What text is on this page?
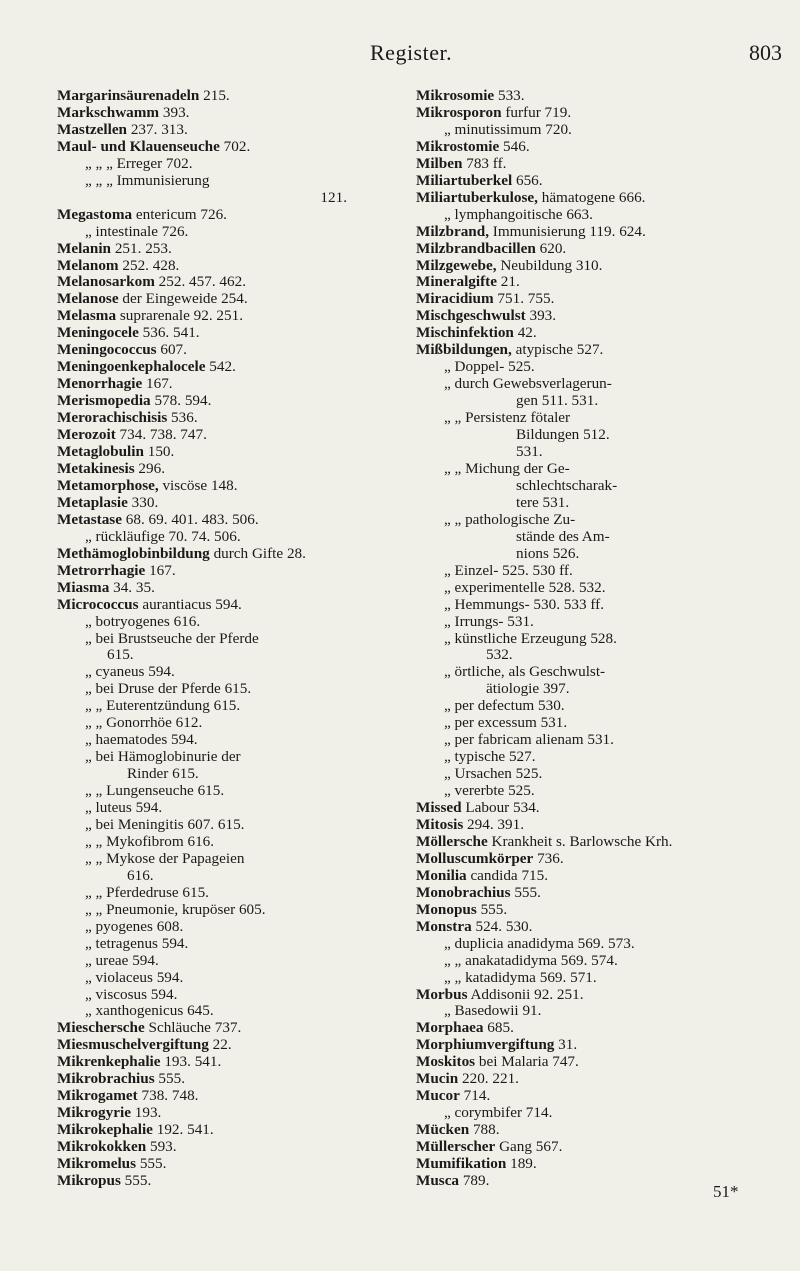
Register.	803
Margarinsäurenadeln 215.
Markschwamm 393.
Mastzellen 237. 313.
Maul- und Klauenseuche 702.
„ „ „ Erreger 702.
„ „ „ Immunisierung
121.
Megastoma entericum 726.
„ intestinale 726.
Melanin 251. 253.
Melanom 252. 428.
Melanosarkom 252. 457. 462.
Melanose der Eingeweide 254.
Melasma suprarenale 92. 251.
Meningocele 536. 541.
Meningococcus 607.
Meningoenkephalocele 542.
Menorrhagie 167.
Merismopedia 578. 594.
Merorachischisis 536.
Merozoit 734. 738. 747.
Metaglobulin 150.
Metakinesis 296.
Metamorphose, viscöse 148.
Metaplasie 330.
Metastase 68. 69. 401. 483. 506.
„ rückläufige 70. 74. 506.
Methämoglobinbildung durch Gifte 28.
Metrorrhagie 167.
Miasma 34. 35.
Micrococcus aurantiacus 594.
„ botryogenes 616.
„ bei Brustseuche der Pferde
615.
„ cyaneus 594.
„ bei Druse der Pferde 615.
„ „ Euterentzündung 615.
„ „ Gonorrhöe 612.
„ haematodes 594.
„ bei Hämoglobinurie der
Rinder 615.
„ „ Lungenseuche 615.
„ luteus 594.
„ bei Meningitis 607. 615.
„ „ Mykofibrom 616.
„ „ Mykose der Papageien
616.
„ „ Pferdedruse 615.
„ „ Pneumonie, krupöser 605.
„ pyogenes 608.
„ tetragenus 594.
„ ureae 594.
„ violaceus 594.
„ viscosus 594.
„ xanthogenicus 645.
Mieschersche Schläuche 737.
Miesmuschelvergiftung 22.
Mikrenkephalie 193. 541.
Mikrobrachius 555.
Mikrogamet 738. 748.
Mikrogyrie 193.
Mikrokephalie 192. 541.
Mikrokokken 593.
Mikromelus 555.
Mikropus 555.
Mikrosomie 533.
Mikrosporon furfur 719.
„ minutissimum 720.
Mikrostomie 546.
Milben 783 ff.
Miliartuberkel 656.
Miliartuberkulose, hämatogene 666.
„ lymphangoitische 663.
Milzbrand, Immunisierung 119. 624.
Milzbrandbacillen 620.
Milzgewebe, Neubildung 310.
Mineralgifte 21.
Miracidium 751. 755.
Mischgeschwulst 393.
Mischinfektion 42.
Mißbildungen, atypische 527.
„ Doppel- 525.
„ durch Gewebsverlagerun-
gen 511. 531.
„ „ Persistenz fötaler
Bildungen 512.
531.
„ „ Michung der Ge-
schlechtscharak-
tere 531.
„ „ pathologische Zu-
stände des Am-
nions 526.
„ Einzel- 525. 530 ff.
„ experimentelle 528. 532.
„ Hemmungs- 530. 533 ff.
„ Irrungs- 531.
„ künstliche Erzeugung 528.
532.
„ örtliche, als Geschwulst-
ätiologie 397.
„ per defectum 530.
„ per excessum 531.
„ per fabricam alienam 531.
„ typische 527.
„ Ursachen 525.
„ vererbte 525.
Missed Labour 534.
Mitosis 294. 391.
Möllersche Krankheit s. Barlowsche Krh.
Molluscumkörper 736.
Monilia candida 715.
Monobrachius 555.
Monopus 555.
Monstra 524. 530.
„ duplicia anadidyma 569. 573.
„ „ anakatadidyma 569. 574.
„ „ katadidyma 569. 571.
Morbus Addisonii 92. 251.
„ Basedowii 91.
Morphaea 685.
Morphiumvergiftung 31.
Moskitos bei Malaria 747.
Mucin 220. 221.
Mucor 714.
„ corymbifer 714.
Mücken 788.
Müllerscher Gang 567.
Mumifikation 189.
Musca 789.
51*
